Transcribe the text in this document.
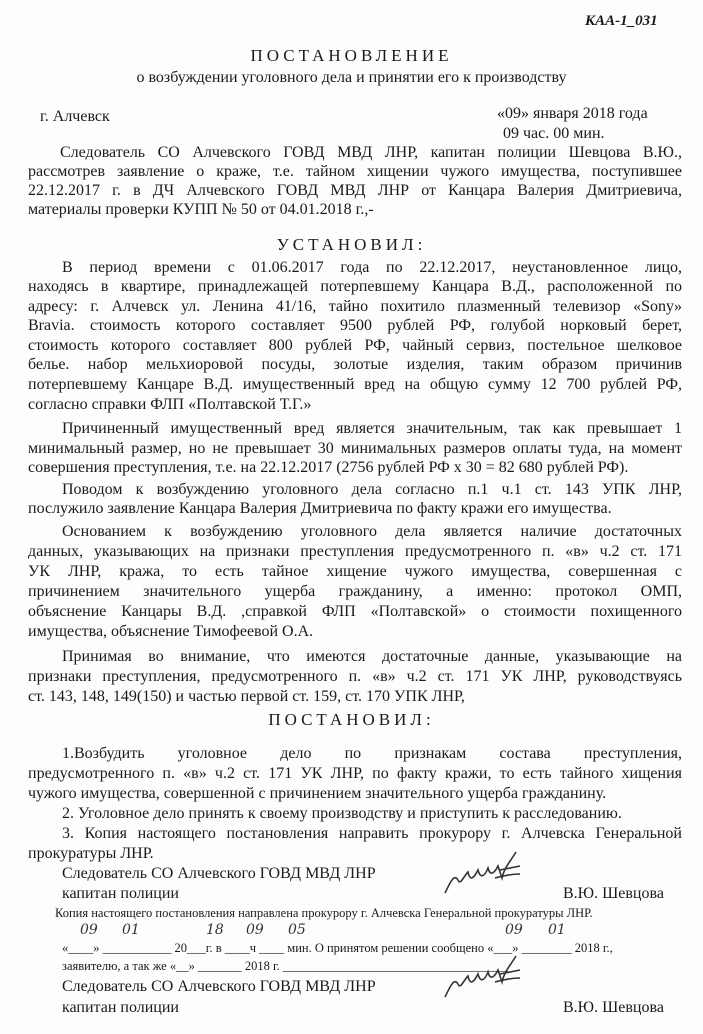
КАА-1_031
ПОСТАНОВЛЕНИЕ
о возбуждении уголовного дела и принятии его к производству
г. Алчевск	«09» января 2018 года
09 час. 00 мин.
Следователь СО Алчевского ГОВД МВД ЛНР, капитан полиции Шевцова В.Ю.,
рассмотрев заявление о краже, т.е. тайном хищении чужого имущества, поступившее
22.12.2017 г. в ДЧ Алчевского ГОВД МВД ЛНР от Канцара Валерия Дмитриевича,
материалы проверки КУПП № 50 от 04.01.2018 г.,-
УСТАНОВИЛ:
В период времени с 01.06.2017 года по 22.12.2017, неустановленное лицо,
находясь в квартире, принадлежащей потерпевшему Канцара В.Д., расположенной по
адресу: г. Алчевск ул. Ленина 41/16, тайно похитило плазменный телевизор «Sony»
Bravia. стоимость которого составляет 9500 рублей РФ, голубой норковый берет,
стоимость которого составляет 800 рублей РФ, чайный сервиз, постельное шелковое
белье. набор мельхиоровой посуды, золотые изделия, таким образом причинив
потерпевшему Канцаре В.Д. имущественный вред на общую сумму 12 700 рублей РФ,
согласно справки ФЛП «Полтавской Т.Г.»
Причиненный имущественный вред является значительным, так как превышает 1
минимальный размер, но не превышает 30 минимальных размеров оплаты туда, на момент
совершения преступления, т.е. на 22.12.2017 (2756 рублей РФ х 30 = 82 680 рублей РФ).
Поводом к возбуждению уголовного дела согласно п.1 ч.1 ст. 143 УПК ЛНР,
послужило заявление Канцара Валерия Дмитриевича по факту кражи его имущества.
Основанием к возбуждению уголовного дела является наличие достаточных
данных, указывающих на признаки преступления предусмотренного п. «в» ч.2 ст. 171
УК ЛНР, кража, то есть тайное хищение чужого имущества, совершенная с
причинением значительного ущерба гражданину, а именно: протокол ОМП,
объяснение Канцары В.Д. ,справкой ФЛП «Полтавской» о стоимости похищенного
имущества, объяснение Тимофеевой О.А.
Принимая во внимание, что имеются достаточные данные, указывающие на
признаки преступления, предусмотренного п. «в» ч.2 ст. 171 УК ЛНР, руководствуясь
ст. 143, 148, 149(150) и частью первой ст. 159, ст. 170 УПК ЛНР,
ПОСТАНОВИЛ:
1.Возбудить уголовное дело по признакам состава преступления,
предусмотренного п. «в» ч.2 ст. 171 УК ЛНР, по факту кражи, то есть тайного хищения
чужого имущества, совершенной с причинением значительного ущерба гражданину.
2. Уголовное дело принять к своему производству и приступить к расследованию.
3. Копия настоящего постановления направить прокурору г. Алчевска Генеральной
прокуратуры ЛНР.
Следователь СО Алчевского ГОВД МВД ЛНР
капитан полиции	В.Ю. Шевцова
Копия настоящего постановления направлена прокурору г. Алчевска Генеральной прокуратуры ЛНР.
«____» ___________ 20___г. в ____ч ____ мин. О принятом решении сообщено «___» ________ 2018 г.,
заявителю, а так же «__» _______ 2018 г. ____________________________________
Следователь СО Алчевского ГОВД МВД ЛНР
капитан полиции	В.Ю. Шевцова
09 01	18 09 05	09 01
